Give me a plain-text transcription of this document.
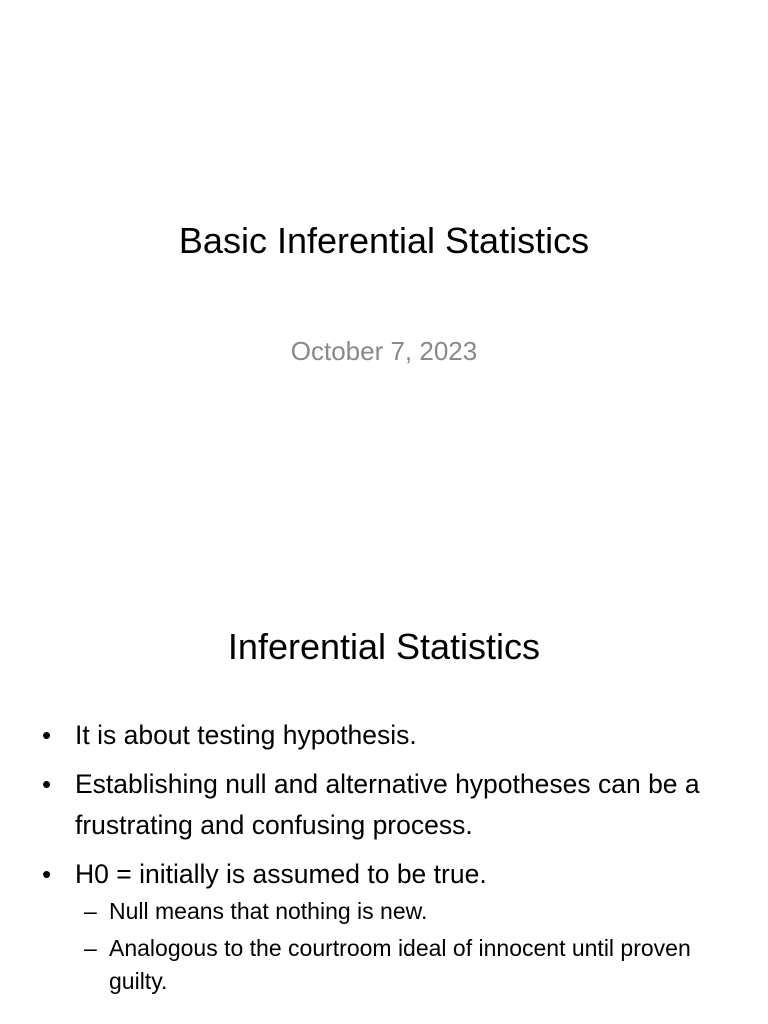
Basic Inferential Statistics
October 7, 2023
Inferential Statistics
• It is about testing hypothesis.
• Establishing null and alternative hypotheses can be a frustrating and confusing process.
• H0 = initially is assumed to be true.
– Null means that nothing is new.
– Analogous to the courtroom ideal of innocent until proven guilty.
